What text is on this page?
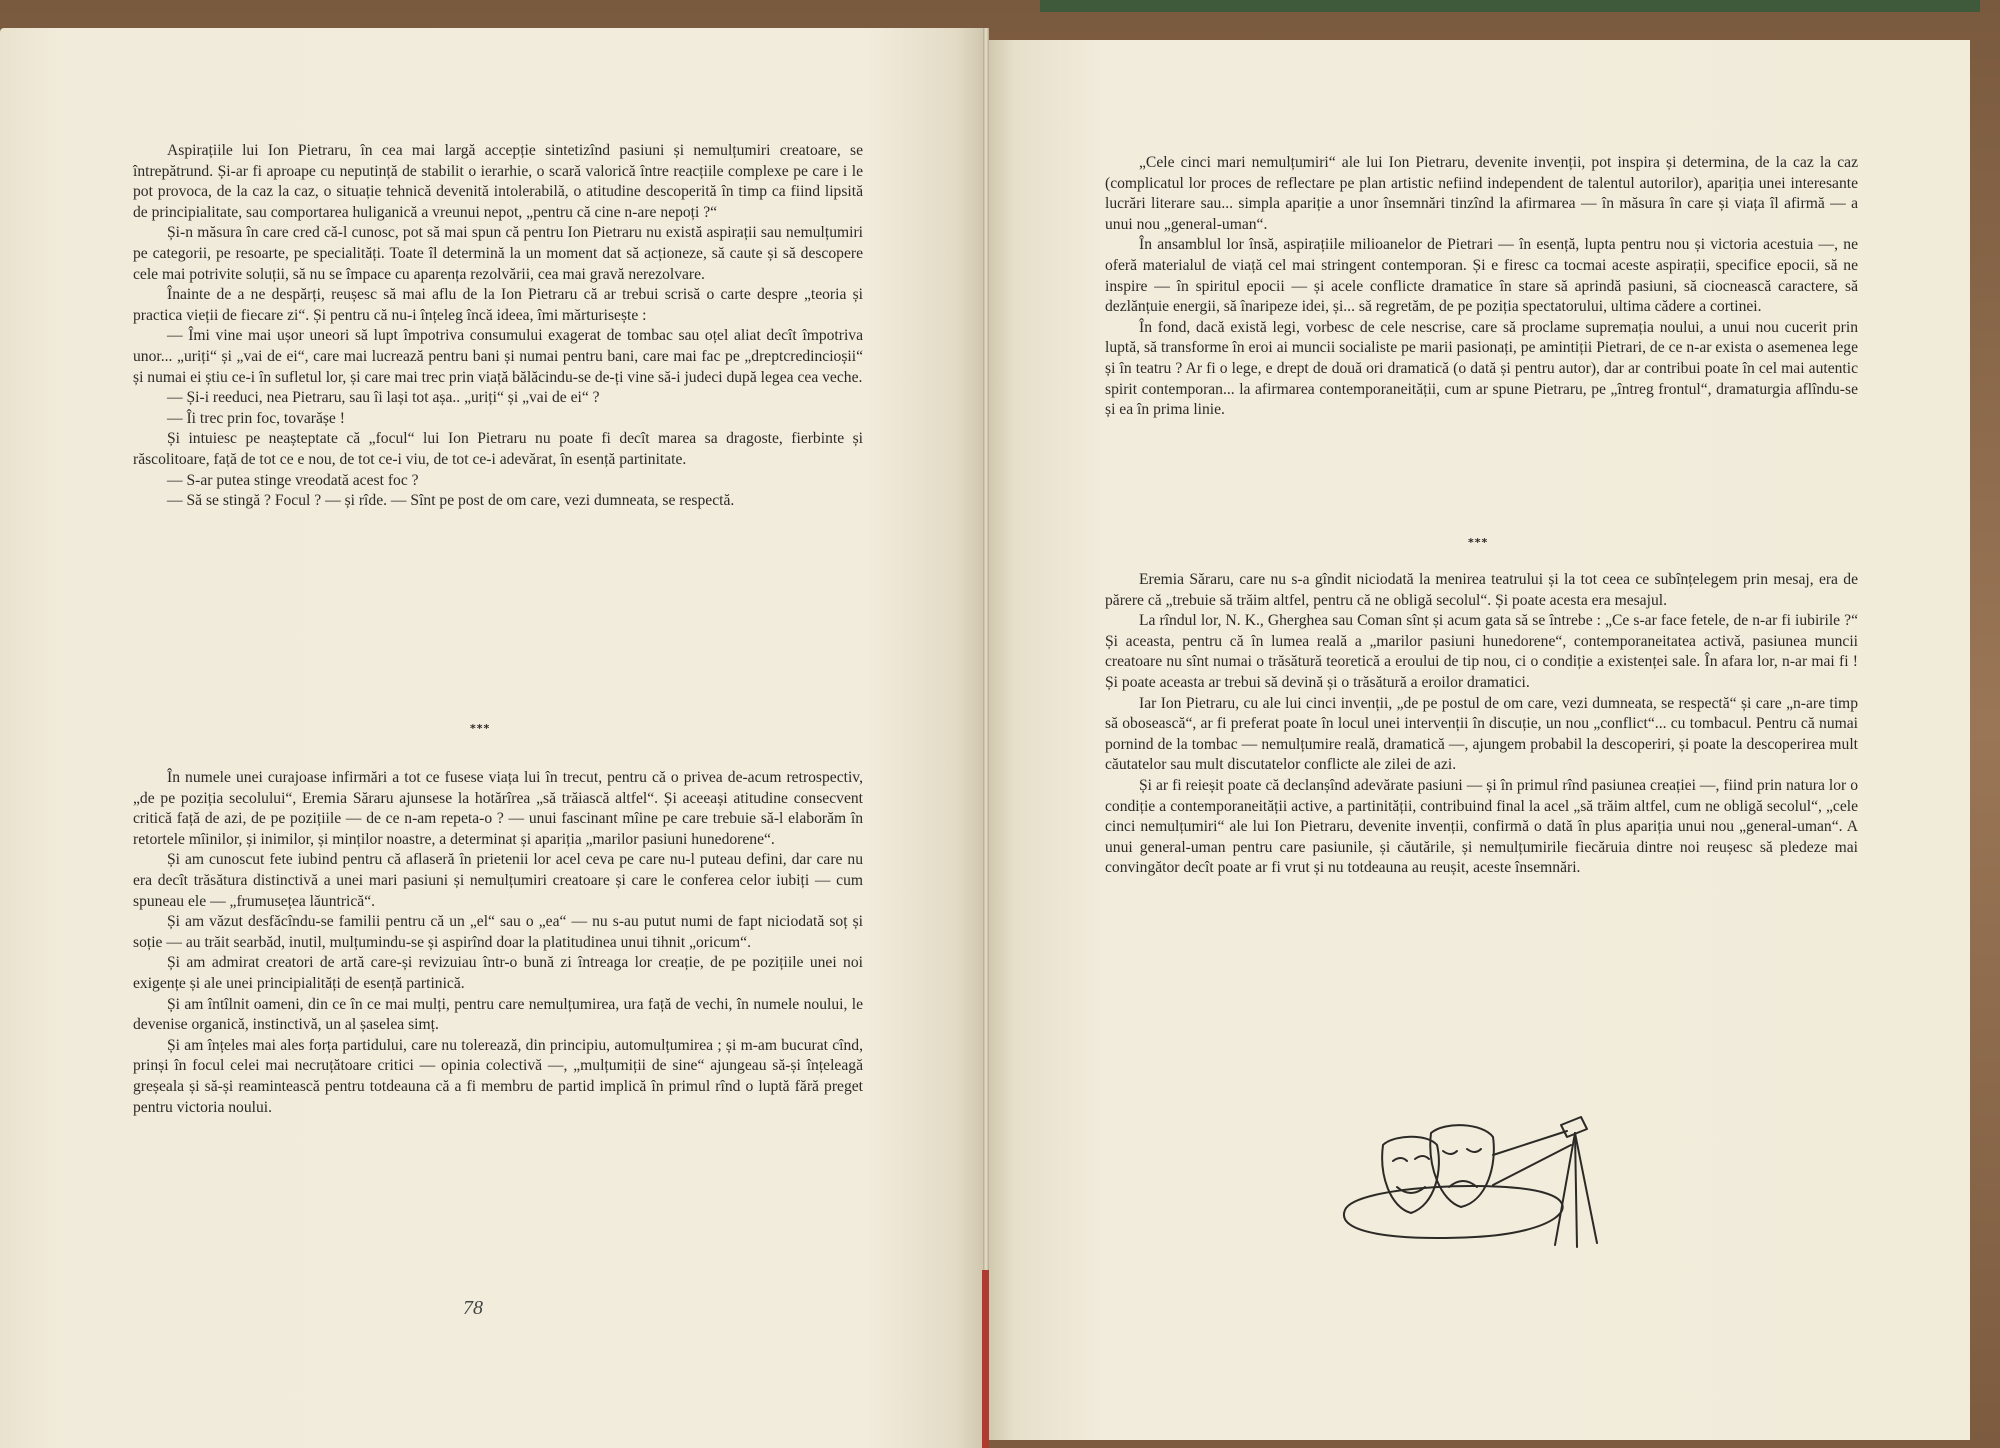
Aspirațiile lui Ion Pietraru, în cea mai largă accepție sintetizînd pasiuni și nemulțumiri creatoare, se întrepătrund. Și-ar fi aproape cu neputință de stabilit o ierarhie, o scară valorică între reacțiile complexe pe care i le pot provoca, de la caz la caz, o situație tehnică devenită intolerabilă, o atitudine descoperită în timp ca fiind lipsită de principialitate, sau comportarea huliganică a vreunui nepot, „pentru că cine n-are nepoți ?“

Și-n măsura în care cred că-l cunosc, pot să mai spun că pentru Ion Pietraru nu există aspirații sau nemulțumiri pe categorii, pe resoarte, pe specialități. Toate îl determină la un moment dat să acționeze, să caute și să descopere cele mai potrivite soluții, să nu se împace cu aparența rezolvării, cea mai gravă nerezolvare.

Înainte de a ne despărți, reușesc să mai aflu de la Ion Pietraru că ar trebui scrisă o carte despre „teoria și practica vieții de fiecare zi“. Și pentru că nu-i înțeleg încă ideea, îmi mărturisește :

— Îmi vine mai ușor uneori să lupt împotriva consumului exagerat de tombac sau oțel aliat decît împotriva unor... „uriți“ și „vai de ei“, care mai lucrează pentru bani și numai pentru bani, care mai fac pe „dreptcredincioșii“ și numai ei știu ce-i în sufletul lor, și care mai trec prin viață bălăcindu-se de-ți vine să-i judeci după legea cea veche.

— Și-i reeduci, nea Pietraru, sau îi lași tot așa.. „uriți“ și „vai de ei“ ?

— Îi trec prin foc, tovarășe !

Și intuiesc pe neașteptate că „focul“ lui Ion Pietraru nu poate fi decît marea sa dragoste, fierbinte și răscolitoare, față de tot ce e nou, de tot ce-i viu, de tot ce-i adevărat, în esență partinitate.

— S-ar putea stinge vreodată acest foc ?

— Să se stingă ? Focul ? — și rîde. — Sînt pe post de om care, vezi dumneata, se respectă.

***

În numele unei curajoase infirmări a tot ce fusese viața lui în trecut, pentru că o privea de-acum retrospectiv, „de pe poziția secolului“, Eremia Săraru ajunsese la hotărîrea „să trăiască altfel“. Și aceeași atitudine consecvent critică față de azi, de pe pozițiile — de ce n-am repeta-o ? — unui fascinant mîine pe care trebuie să-l elaborăm în retortele mîinilor, și inimilor, și minților noastre, a determinat și apariția „marilor pasiuni hunedorene“.

Și am cunoscut fete iubind pentru că aflaseră în prietenii lor acel ceva pe care nu-l puteau defini, dar care nu era decît trăsătura distinctivă a unei mari pasiuni și nemulțumiri creatoare și care le conferea celor iubiți — cum spuneau ele — „frumusețea lăuntrică“.

Și am văzut desfăcîndu-se familii pentru că un „el“ sau o „ea“ — nu s-au putut numi de fapt niciodată soț și soție — au trăit searbăd, inutil, mulțumindu-se și aspirînd doar la platitudinea unui tihnit „oricum“.

Și am admirat creatori de artă care-și revizuiau într-o bună zi întreaga lor creație, de pe pozițiile unei noi exigențe și ale unei principialități de esență partinică.

Și am întîlnit oameni, din ce în ce mai mulți, pentru care nemulțumirea, ura față de vechi, în numele noului, le devenise organică, instinctivă, un al șaselea simț.

Și am înțeles mai ales forța partidului, care nu tolerează, din principiu, automulțumirea ; și m-am bucurat cînd, prinși în focul celei mai necruțătoare critici — opinia colectivă —, „mulțumiții de sine“ ajungeau să-și înțeleagă greșeala și să-și reamintească pentru totdeauna că a fi membru de partid implică în primul rînd o luptă fără preget pentru victoria noului.

78

„Cele cinci mari nemulțumiri“ ale lui Ion Pietraru, devenite invenții, pot inspira și determina, de la caz la caz (complicatul lor proces de reflectare pe plan artistic nefiind independent de talentul autorilor), apariția unei interesante lucrări literare sau... simpla apariție a unor însemnări tinzînd la afirmarea — în măsura în care și viața îl afirmă — a unui nou „general-uman“.

În ansamblul lor însă, aspirațiile milioanelor de Pietrari — în esență, lupta pentru nou și victoria acestuia —, ne oferă materialul de viață cel mai stringent contemporan. Și e firesc ca tocmai aceste aspirații, specifice epocii, să ne inspire — în spiritul epocii — și acele conflicte dramatice în stare să aprindă pasiuni, să ciocnească caractere, să dezlănțuie energii, să înaripeze idei, și... să regretăm, de pe poziția spectatorului, ultima cădere a cortinei.

În fond, dacă există legi, vorbesc de cele nescrise, care să proclame supremația noului, a unui nou cucerit prin luptă, să transforme în eroi ai muncii socialiste pe marii pasionați, pe amintiții Pietrari, de ce n-ar exista o asemenea lege și în teatru ? Ar fi o lege, e drept de două ori dramatică (o dată și pentru autor), dar ar contribui poate în cel mai autentic spirit contemporan... la afirmarea contemporaneității, cum ar spune Pietraru, pe „întreg frontul“, dramaturgia aflîndu-se și ea în prima linie.

***

Eremia Săraru, care nu s-a gîndit niciodată la menirea teatrului și la tot ceea ce subînțelegem prin mesaj, era de părere că „trebuie să trăim altfel, pentru că ne obligă secolul“. Și poate acesta era mesajul.

La rîndul lor, N. K., Gherghea sau Coman sînt și acum gata să se întrebe : „Ce s-ar face fetele, de n-ar fi iubirile ?“ Și aceasta, pentru că în lumea reală a „marilor pasiuni hunedorene“, contemporaneitatea activă, pasiunea muncii creatoare nu sînt numai o trăsătură teoretică a eroului de tip nou, ci o condiție a existenței sale. În afara lor, n-ar mai fi ! Și poate aceasta ar trebui să devină și o trăsătură a eroilor dramatici.

Iar Ion Pietraru, cu ale lui cinci invenții, „de pe postul de om care, vezi dumneata, se respectă“ și care „n-are timp să obosească“, ar fi preferat poate în locul unei intervenții în discuție, un nou „conflict“... cu tombacul. Pentru că numai pornind de la tombac — nemulțumire reală, dramatică —, ajungem probabil la descoperiri, și poate la descoperirea mult căutatelor sau mult discutatelor conflicte ale zilei de azi.

Și ar fi reieșit poate că declanșînd adevărate pasiuni — și în primul rînd pasiunea creației —, fiind prin natura lor o condiție a contemporaneității active, a partinității, contribuind final la acel „să trăim altfel, cum ne obligă secolul“, „cele cinci nemulțumiri“ ale lui Ion Pietraru, devenite invenții, confirmă o dată în plus apariția unui nou „general-uman“. A unui general-uman pentru care pasiunile, și căutările, și nemulțumirile fiecăruia dintre noi reușesc să pledeze mai convingător decît poate ar fi vrut și nu totdeauna au reușit, aceste însemnări.
